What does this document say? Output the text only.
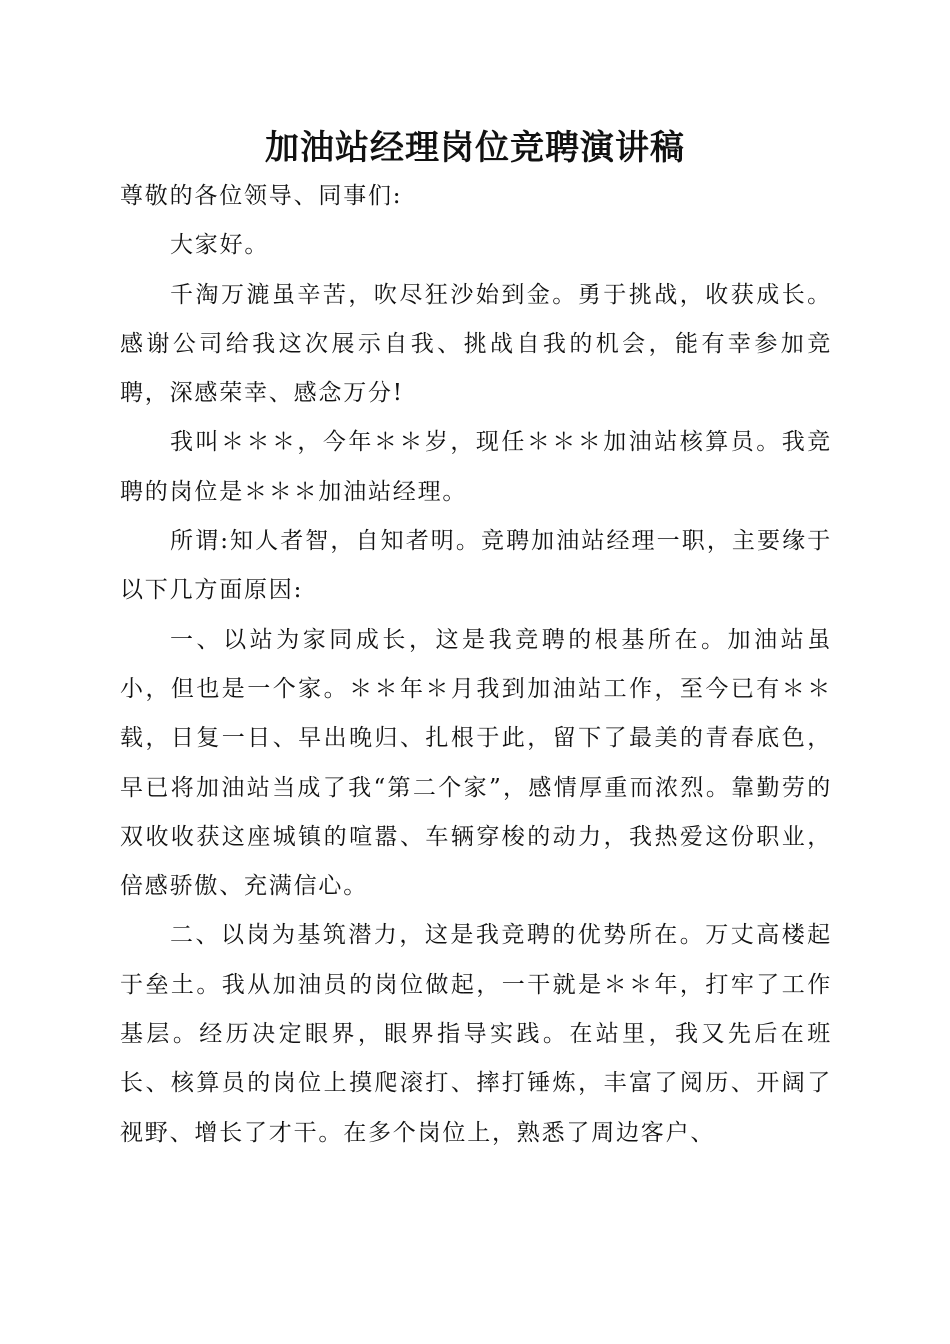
加油站经理岗位竞聘演讲稿

尊敬的各位领导、同事们:

大家好。

千淘万漉虽辛苦，吹尽狂沙始到金。勇于挑战，收获成长。感谢公司给我这次展示自我、挑战自我的机会，能有幸参加竞聘，深感荣幸、感念万分!

我叫＊＊＊，今年＊＊岁，现任＊＊＊加油站核算员。我竞聘的岗位是＊＊＊加油站经理。

所谓:知人者智，自知者明。竞聘加油站经理一职，主要缘于以下几方面原因:

一、以站为家同成长，这是我竞聘的根基所在。加油站虽小，但也是一个家。＊＊年＊月我到加油站工作，至今已有＊＊载，日复一日、早出晚归、扎根于此，留下了最美的青春底色，早已将加油站当成了我“第二个家”，感情厚重而浓烈。靠勤劳的双收收获这座城镇的喧嚣、车辆穿梭的动力，我热爱这份职业，倍感骄傲、充满信心。

二、以岗为基筑潜力，这是我竞聘的优势所在。万丈高楼起于垒土。我从加油员的岗位做起，一干就是＊＊年，打牢了工作基层。经历决定眼界，眼界指导实践。在站里，我又先后在班长、核算员的岗位上摸爬滚打、摔打锤炼，丰富了阅历、开阔了视野、增长了才干。在多个岗位上，熟悉了周边客户、
